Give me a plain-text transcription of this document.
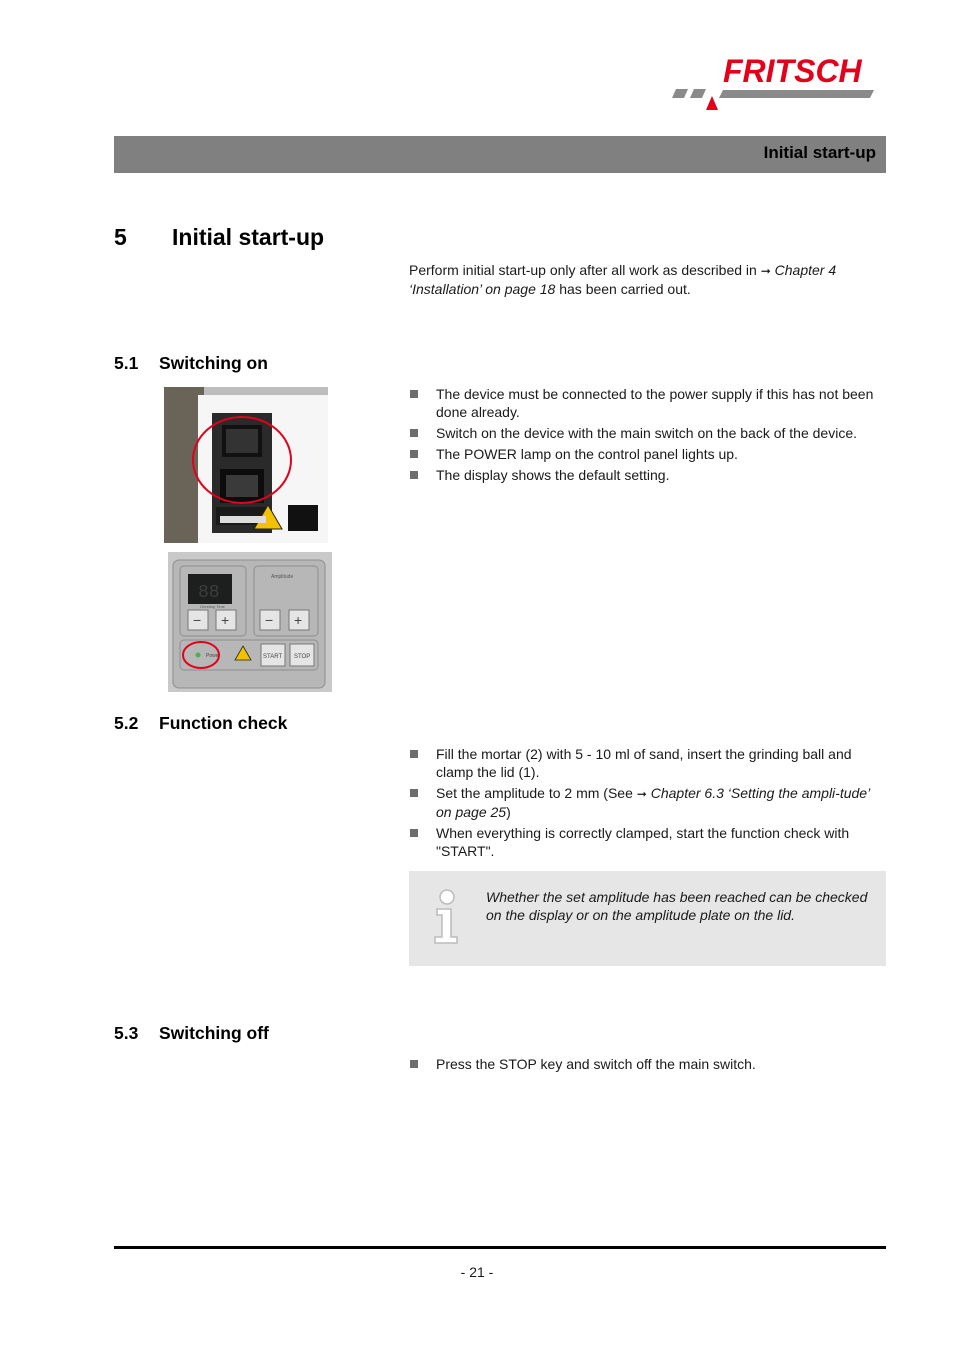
FRITSCH
Initial start-up
5 Initial start-up
Perform initial start-up only after all work as described in ➞ Chapter 4 ‘Installation’ on page 18 has been carried out.
5.1 Switching on
88
Grinding Time
Amplitude
− +	− +
Power	START STOP
The device must be connected to the power supply if this has not been done already.
Switch on the device with the main switch on the back of the device.
The POWER lamp on the control panel lights up.
The display shows the default setting.
5.2 Function check
Fill the mortar (2) with 5 - 10 ml of sand, insert the grinding ball and clamp the lid (1).
Set the amplitude to 2 mm (See ➞ Chapter 6.3 ‘Setting the ampli-tude’ on page 25)
When everything is correctly clamped, start the function check with "START".
Whether the set amplitude has been reached can be checked on the display or on the amplitude plate on the lid.
5.3 Switching off
Press the STOP key and switch off the main switch.
- 21 -
